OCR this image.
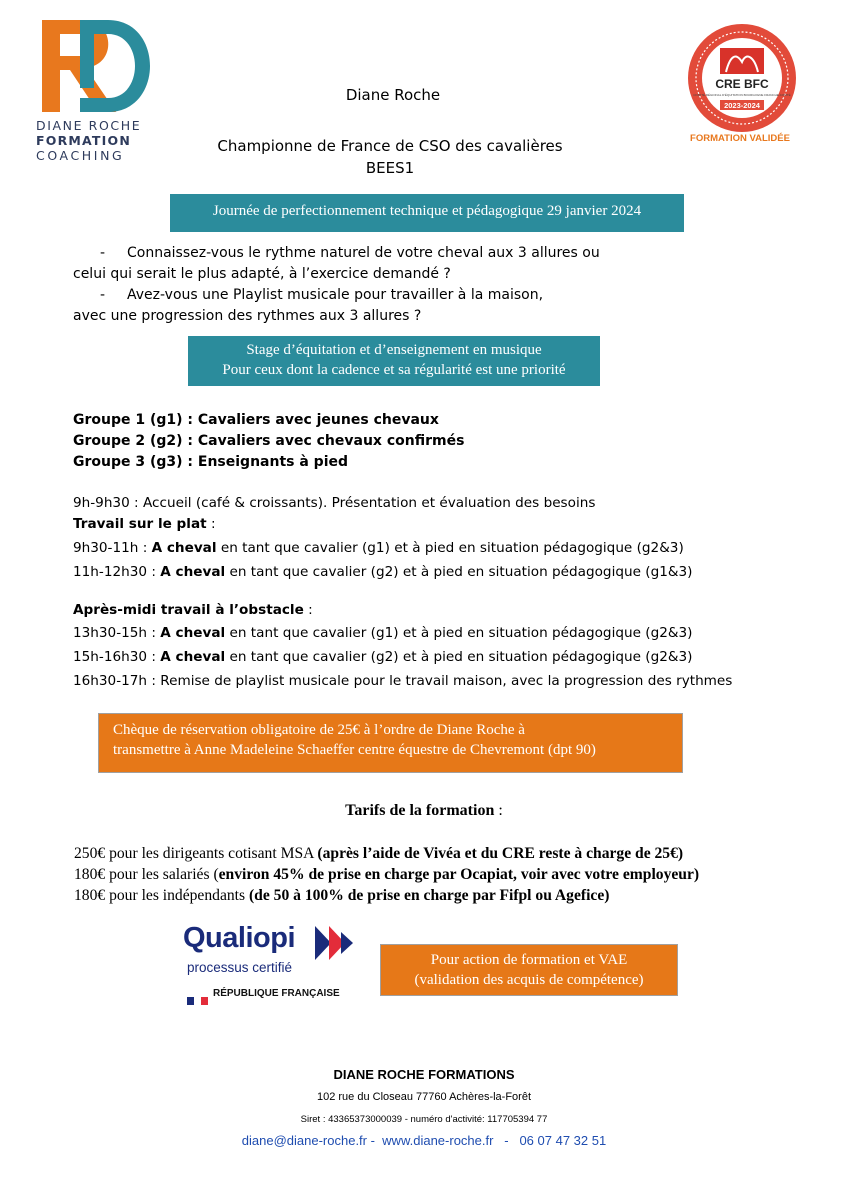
DIANE ROCHE
FORMATION
COACHING
Diane Roche
Championne de France de CSO des cavalières
BEES1
CRE BFC
COMITÉ RÉGIONAL D'ÉQUITATION BOURGOGNE FRANCHE-COMTÉ
2023-2024
FORMATION VALIDÉE
Journée de perfectionnement technique et pédagogique 29 janvier 2024
- Connaissez-vous le rythme naturel de votre cheval aux 3 allures ou
celui qui serait le plus adapté, à l’exercice demandé ?
- Avez-vous une Playlist musicale pour travailler à la maison,
avec une progression des rythmes aux 3 allures ?
Stage d’équitation et d’enseignement en musique
Pour ceux dont la cadence et sa régularité est une priorité
Groupe 1 (g1) : Cavaliers avec jeunes chevaux
Groupe 2 (g2) : Cavaliers avec chevaux confirmés
Groupe 3 (g3) : Enseignants à pied
9h-9h30 : Accueil (café & croissants). Présentation et évaluation des besoins
Travail sur le plat :
9h30-11h : A cheval en tant que cavalier (g1) et à pied en situation pédagogique (g2&3)
11h-12h30 : A cheval en tant que cavalier (g2) et à pied en situation pédagogique (g1&3)
Après-midi travail à l’obstacle :
13h30-15h : A cheval en tant que cavalier (g1) et à pied en situation pédagogique (g2&3)
15h-16h30 : A cheval en tant que cavalier (g2) et à pied en situation pédagogique (g2&3)
16h30-17h : Remise de playlist musicale pour le travail maison, avec la progression des rythmes
Chèque de réservation obligatoire de 25€ à l’ordre de Diane Roche à
transmettre à Anne Madeleine Schaeffer centre équestre de Chevremont (dpt 90)
Tarifs de la formation :
250€ pour les dirigeants cotisant MSA (après l’aide de Vivéa et du CRE reste à charge de 25€)
180€ pour les salariés (environ 45% de prise en charge par Ocapiat, voir avec votre employeur)
180€ pour les indépendants (de 50 à 100% de prise en charge par Fifpl ou Agefice)
Qualiopi
processus certifié
RÉPUBLIQUE FRANÇAISE
Pour action de formation et VAE
(validation des acquis de compétence)
DIANE ROCHE FORMATIONS
102 rue du Closeau 77760 Achères-la-Forêt
Siret : 43365373000039 - numéro d'activité: 117705394 77
diane@diane-roche.fr -  www.diane-roche.fr   -   06 07 47 32 51
